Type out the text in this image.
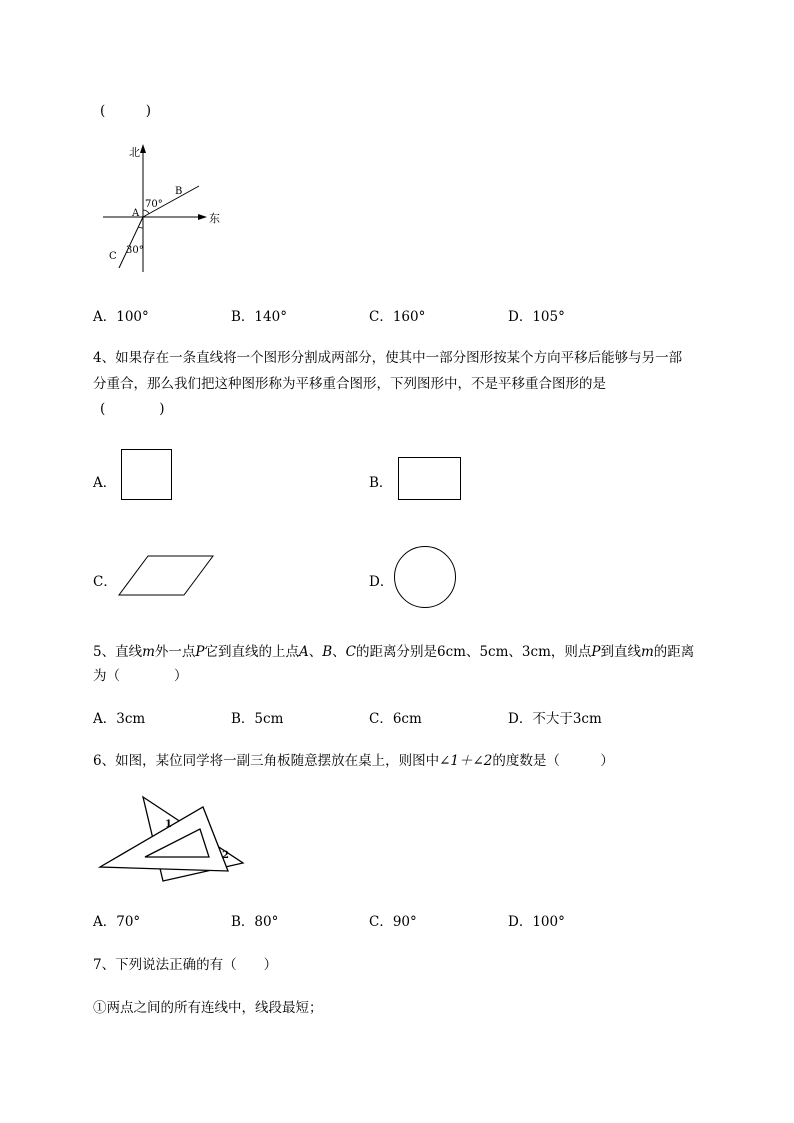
(　　　)
北
东
A
B
C
70°
30°
A．100°	B．140°	C．160°	D．105°
4、如果存在一条直线将一个图形分割成两部分，使其中一部分图形按某个方向平移后能够与另一部
分重合，那么我们把这种图形称为平移重合图形，下列图形中，不是平移重合图形的是
(　　　　)
A．	B．
C．	D．
5、直线m外一点P它到直线的上点A、B、C的距离分别是6cm、5cm、3cm，则点P到直线m的距离
为（　　　　）
A．3cm	B．5cm	C．6cm	D．不大于3cm
6、如图，某位同学将一副三角板随意摆放在桌上，则图中∠1＋∠2的度数是（　　　）
1
2
A．70°	B．80°	C．90°	D．100°
7、下列说法正确的有（　　）
①两点之间的所有连线中，线段最短；
